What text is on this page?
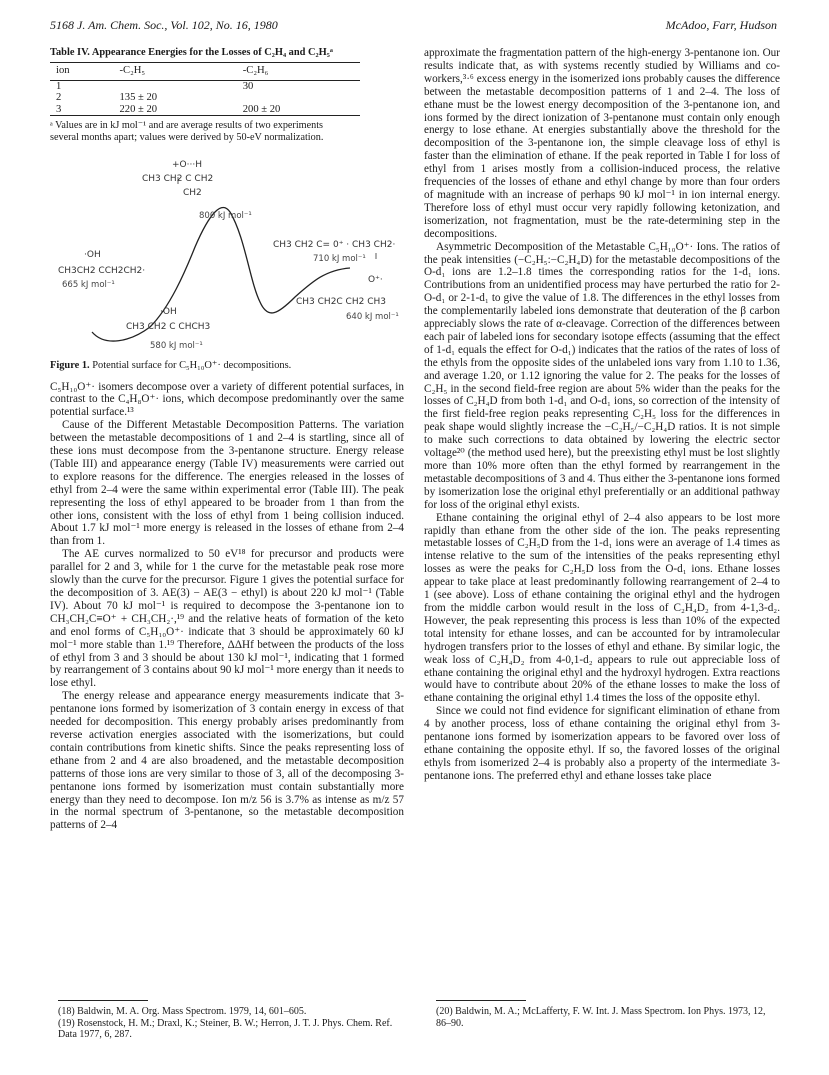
5168 J. Am. Chem. Soc., Vol. 102, No. 16, 1980	McAdoo, Farr, Hudson
Table IV. Appearance Energies for the Losses of C₂H₄ and C₂H₅ᵃ
ion	-C₂H₅	-C₂H₆
1		30
2	135 ± 20	
3	220 ± 20	200 ± 20
ᵃ Values are in kJ mol⁻¹ and are average results of two experiments several months apart; values were derived by 50-eV normalization.
+O···H
CH3 CH2 C CH2
CH2
800 kJ mol⁻¹
·OH
CH3CH2 CCH2CH2·
665 kJ mol⁻¹
CH3 CH2 C= 0⁺ · CH3 CH2·
710 kJ mol⁻¹
O⁺·
CH3 CH2C CH2 CH3
640 kJ mol⁻¹
·OH
CH3 CH2 C CHCH3
580 kJ mol⁻¹
Figure 1. Potential surface for C₅H₁₀O⁺· decompositions.

C₅H₁₀O⁺· isomers decompose over a variety of different potential surfaces, in contrast to the C₄H₈O⁺· ions, which decompose predominantly over the same potential surface.¹³

Cause of the Different Metastable Decomposition Patterns. The variation between the metastable decompositions of 1 and 2–4 is startling, since all of these ions must decompose from the 3-pentanone structure. Energy release (Table III) and appearance energy (Table IV) measurements were carried out to explore reasons for the difference. The energies released in the losses of ethyl from 2–4 were the same within experimental error (Table III). The peak representing the loss of ethyl appeared to be broader from 1 than from the other ions, consistent with the loss of ethyl from 1 being collision induced. About 1.7 kJ mol⁻¹ more energy is released in the losses of ethane from 2–4 than from 1.

The AE curves normalized to 50 eV¹⁸ for precursor and products were parallel for 2 and 3, while for 1 the curve for the metastable peak rose more slowly than the curve for the precursor. Figure 1 gives the potential surface for the decomposition of 3. AE(3) − AE(3 − ethyl) is about 220 kJ mol⁻¹ (Table IV). About 70 kJ mol⁻¹ is required to decompose the 3-pentanone ion to CH₃CH₂C≡O⁺ + CH₃CH₂·,¹⁹ and the relative heats of formation of the keto and enol forms of C₅H₁₀O⁺· indicate that 3 should be approximately 60 kJ mol⁻¹ more stable than 1.¹⁹ Therefore, ΔΔHf between the products of the loss of ethyl from 3 and 3 should be about 130 kJ mol⁻¹, indicating that 1 formed by rearrangement of 3 contains about 90 kJ mol⁻¹ more energy than it needs to lose ethyl.

The energy release and appearance energy measurements indicate that 3-pentanone ions formed by isomerization of 3 contain energy in excess of that needed for decomposition. This energy probably arises predominantly from reverse activation energies associated with the isomerizations, but could contain contributions from kinetic shifts. Since the peaks representing loss of ethane from 2 and 4 are also broadened, and the metastable decomposition patterns of those ions are very similar to those of 3, all of the decomposing 3-pentanone ions formed by isomerization must contain substantially more energy than they need to decompose. Ion m/z 56 is 3.7% as intense as m/z 57 in the normal spectrum of 3-pentanone, so the metastable decomposition patterns of 2–4

approximate the fragmentation pattern of the high-energy 3-pentanone ion. Our results indicate that, as with systems recently studied by Williams and co-workers,³·⁶ excess energy in the isomerized ions probably causes the difference between the metastable decomposition patterns of 1 and 2–4. The loss of ethane must be the lowest energy decomposition of the 3-pentanone ion, and ions formed by the direct ionization of 3-pentanone must contain only enough energy to lose ethane. At energies substantially above the threshold for the decomposition of the 3-pentanone ion, the simple cleavage loss of ethyl is faster than the elimination of ethane. If the peak reported in Table I for loss of ethyl from 1 arises mostly from a collision-induced process, the relative frequencies of the losses of ethane and ethyl change by more than four orders of magnitude with an increase of perhaps 90 kJ mol⁻¹ in ion internal energy. Therefore loss of ethyl must occur very rapidly following ketonization, and isomerization, not fragmentation, must be the rate-determining step in the decompositions.

Asymmetric Decomposition of the Metastable C₅H₁₀O⁺· Ions. The ratios of the peak intensities (−C₂H₅:−C₂H₄D) for the metastable decompositions of the O-d₁ ions are 1.2–1.8 times the corresponding ratios for the 1-d₁ ions. Contributions from an unidentified process may have perturbed the ratio for 2-O-d₁ or 2-1-d₁ to give the value of 1.8. The differences in the ethyl losses from the complementarily labeled ions demonstrate that deuteration of the β carbon appreciably slows the rate of α-cleavage. Correction of the differences between each pair of labeled ions for secondary isotope effects (assuming that the effect of 1-d₁ equals the effect for O-d₁) indicates that the ratios of the rates of loss of the ethyls from the opposite sides of the unlabeled ions vary from 1.10 to 1.36, and average 1.20, or 1.12 ignoring the value for 2. The peaks for the losses of C₂H₅ in the second field-free region are about 5% wider than the peaks for the losses of C₂H₄D from both 1-d₁ and O-d₁ ions, so correction of the intensity of the first field-free region peaks representing C₂H₅ loss for the differences in peak shape would slightly increase the −C₂H₅/−C₂H₄D ratios. It is not simple to make such corrections to data obtained by lowering the electric sector voltage²⁰ (the method used here), but the preexisting ethyl must be lost slightly more than 10% more often than the ethyl formed by rearrangement in the metastable decompositions of 3 and 4. Thus either the 3-pentanone ions formed by isomerization lose the original ethyl preferentially or an additional pathway for loss of the original ethyl exists.

Ethane containing the original ethyl of 2–4 also appears to be lost more rapidly than ethane from the other side of the ion. The peaks representing metastable losses of C₂H₅D from the 1-d₁ ions were an average of 1.4 times as intense relative to the sum of the intensities of the peaks representing ethyl losses as were the peaks for C₂H₅D loss from the O-d₁ ions. Ethane losses appear to take place at least predominantly following rearrangement of 2–4 to 1 (see above). Loss of ethane containing the original ethyl and the hydrogen from the middle carbon would result in the loss of C₂H₄D₂ from 4-1,3-d₂. However, the peak representing this process is less than 10% of the expected total intensity for ethane losses, and can be accounted for by intramolecular hydrogen transfers prior to the losses of ethyl and ethane. By similar logic, the weak loss of C₂H₄D₂ from 4-0,1-d₂ appears to rule out appreciable loss of ethane containing the original ethyl and the hydroxyl hydrogen. Extra reactions would have to contribute about 20% of the ethane losses to make the loss of ethane containing the original ethyl 1.4 times the loss of the opposite ethyl.

Since we could not find evidence for significant elimination of ethane from 4 by another process, loss of ethane containing the original ethyl from 3-pentanone ions formed by isomerization appears to be favored over loss of ethane containing the opposite ethyl. If so, the favored losses of the original ethyls from isomerized 2–4 is probably also a property of the intermediate 3-pentanone ions. The preferred ethyl and ethane losses take place

(18) Baldwin, M. A. Org. Mass Spectrom. 1979, 14, 601–605.
(19) Rosenstock, H. M.; Draxl, K.; Steiner, B. W.; Herron, J. T. J. Phys. Chem. Ref. Data 1977, 6, 287.
(20) Baldwin, M. A.; McLafferty, F. W. Int. J. Mass Spectrom. Ion Phys. 1973, 12, 86–90.
